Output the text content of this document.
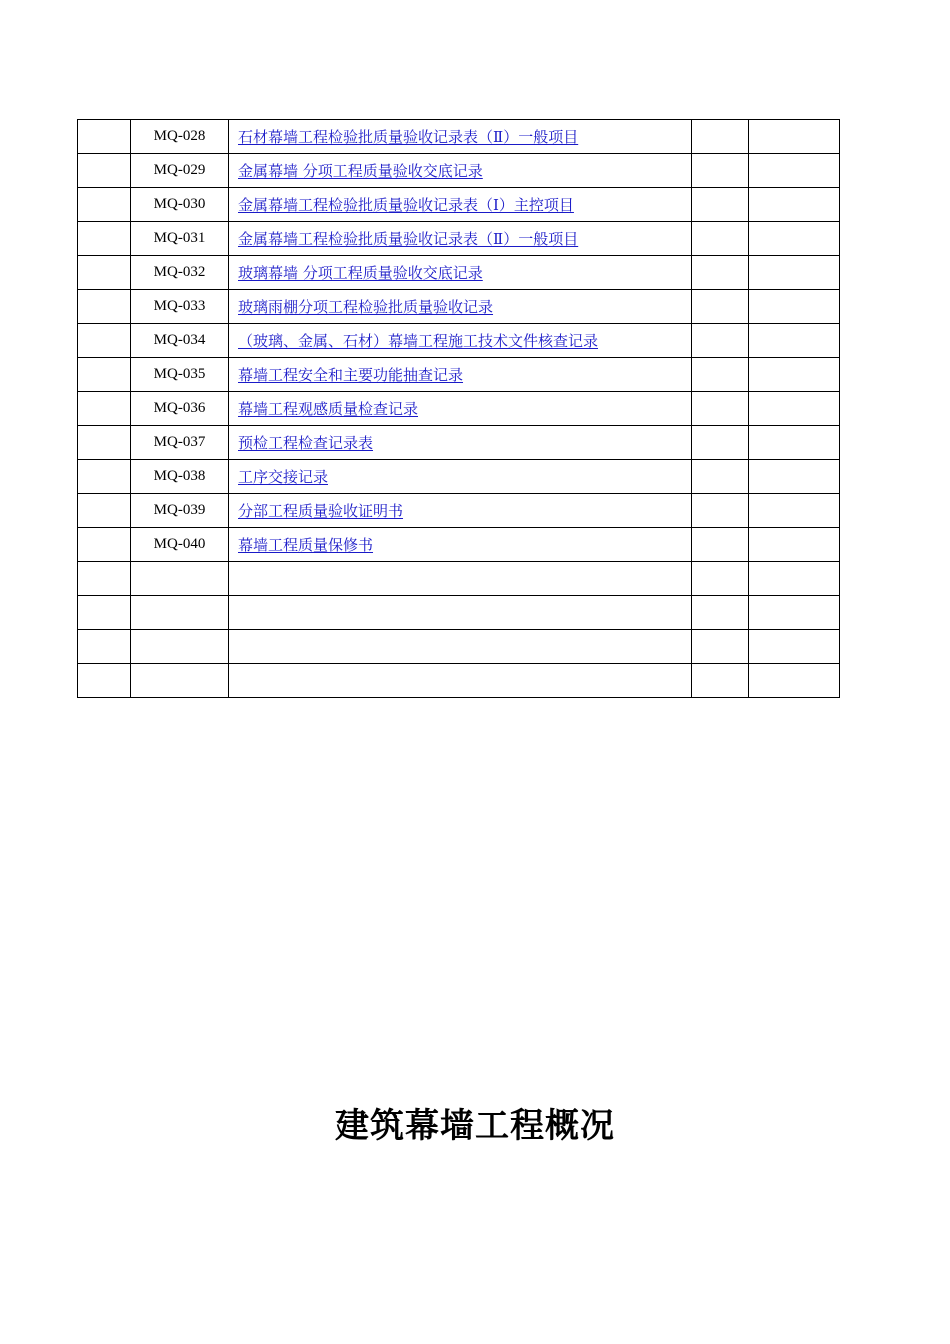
	MQ-028	石材幕墙工程检验批质量验收记录表（Ⅱ）一般项目		
	MQ-029	金属幕墙 分项工程质量验收交底记录		
	MQ-030	金属幕墙工程检验批质量验收记录表（Ⅰ）主控项目		
	MQ-031	金属幕墙工程检验批质量验收记录表（Ⅱ）一般项目		
	MQ-032	玻璃幕墙 分项工程质量验收交底记录		
	MQ-033	玻璃雨棚分项工程检验批质量验收记录		
	MQ-034	（玻璃、金属、石材）幕墙工程施工技术文件核查记录		
	MQ-035	幕墙工程安全和主要功能抽查记录		
	MQ-036	幕墙工程观感质量检查记录		
	MQ-037	预检工程检查记录表		
	MQ-038	工序交接记录		
	MQ-039	分部工程质量验收证明书		
	MQ-040	幕墙工程质量保修书		

建筑幕墙工程概况
